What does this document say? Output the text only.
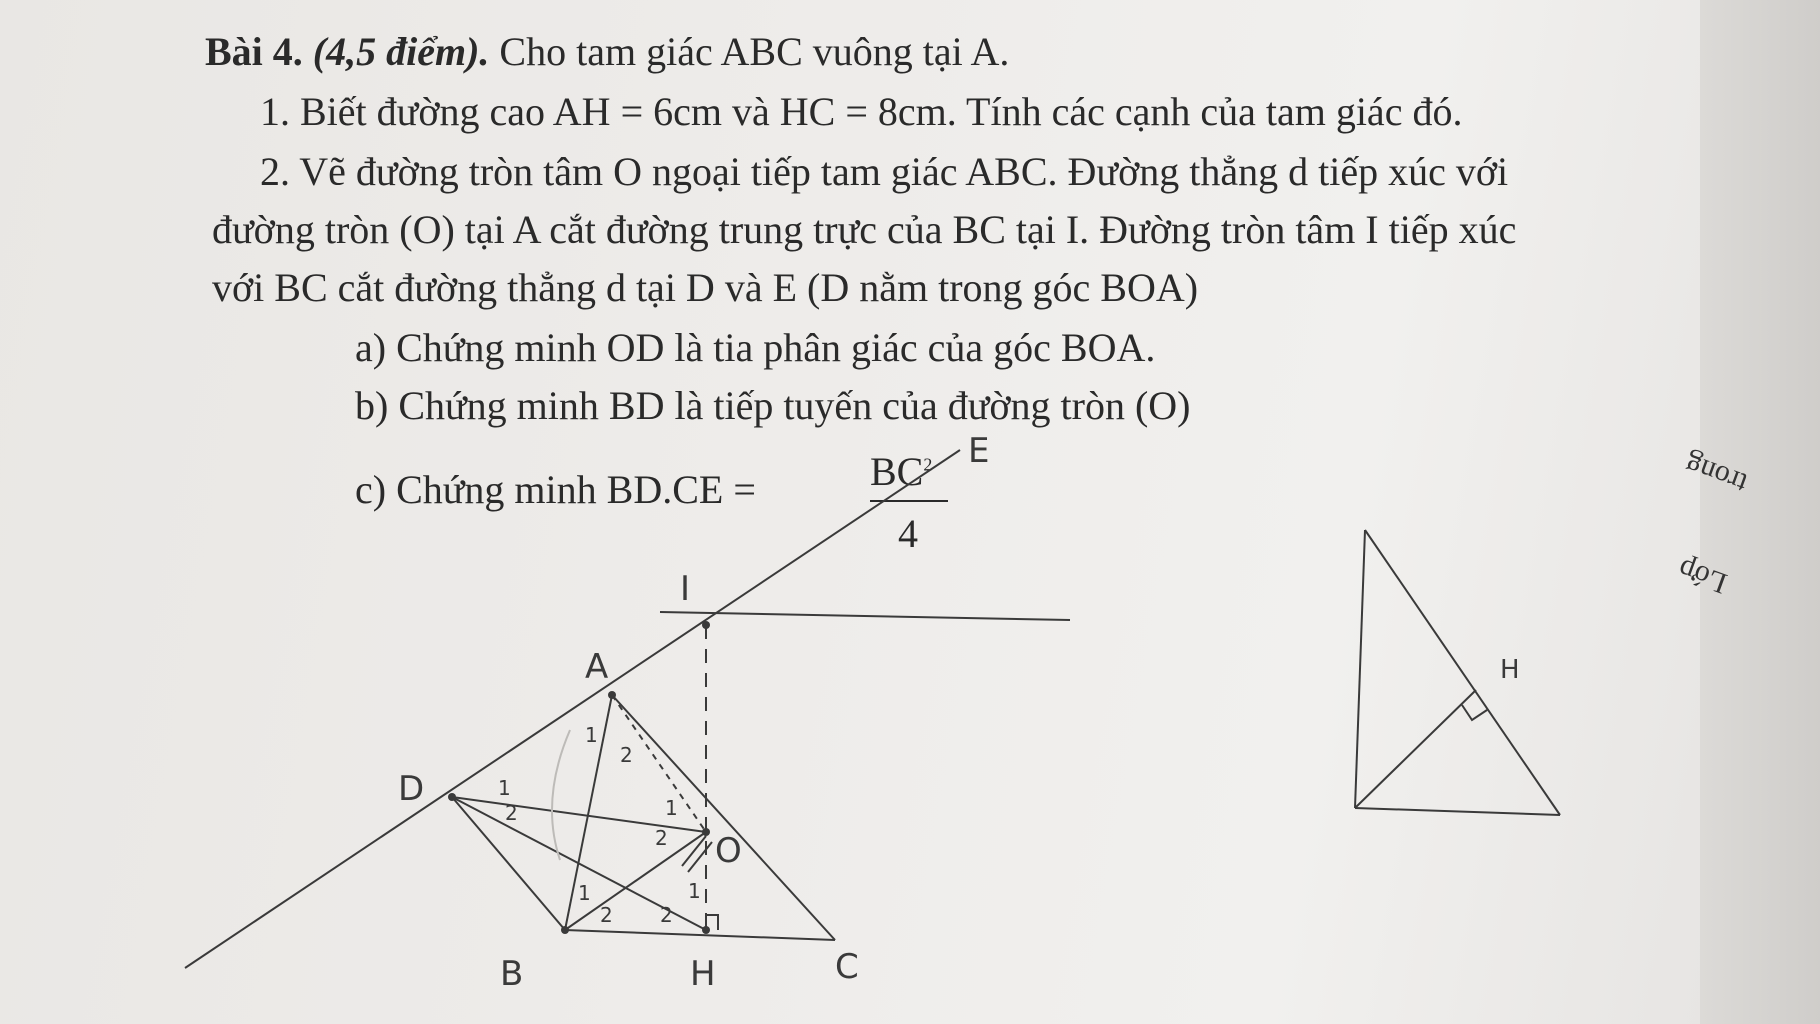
trong
Lớp
Bài 4. (4,5 điểm). Cho tam giác ABC vuông tại A.
1. Biết đường cao AH = 6cm và HC = 8cm. Tính các cạnh của tam giác đó.
2. Vẽ đường tròn tâm O ngoại tiếp tam giác ABC. Đường thẳng d tiếp xúc với
đường tròn (O) tại A cắt đường trung trực của BC tại I. Đường tròn tâm I tiếp xúc
với BC cắt đường thẳng d tại D và E (D nằm trong góc BOA)
a) Chứng minh OD là tia phân giác của góc BOA.
b) Chứng minh BD là tiếp tuyến của đường tròn (O)
c) Chứng minh BD.CE =	$BC^2$
4
I
A
D
O
B	H	C
E
1
2
1
2
1
2
1
2
1
2
H
